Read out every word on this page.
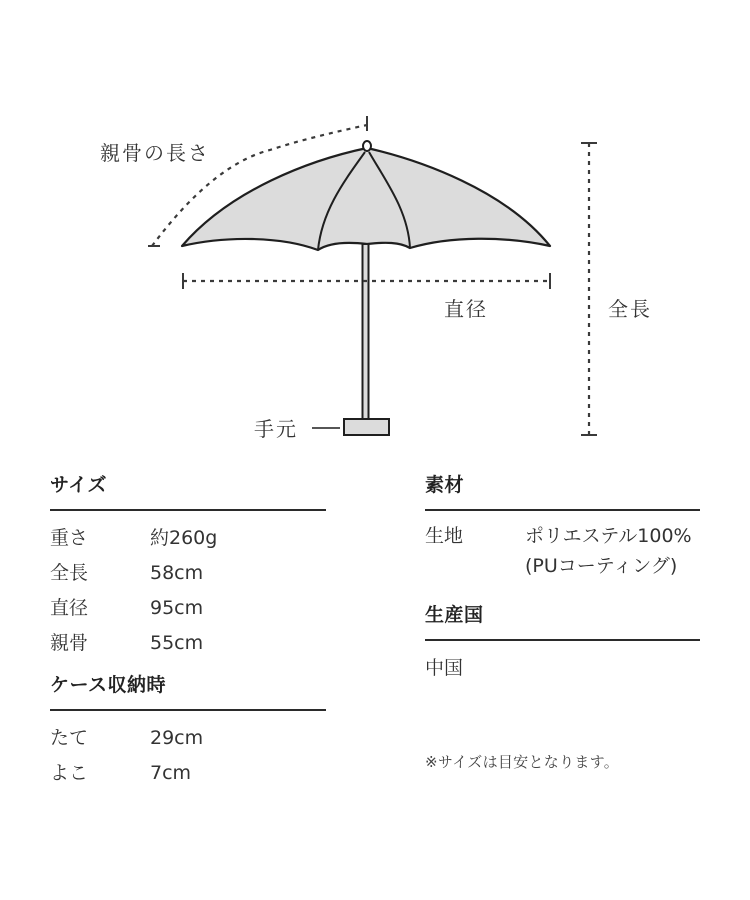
親骨の長さ
直径	全長
手元
サイズ
重さ	約260g
全長	58cm
直径	95cm
親骨	55cm
ケース収納時
たて	29cm
よこ	7cm
素材
生地	ポリエステル100%
(PUコーティング)
生産国
中国
※サイズは目安となります。
